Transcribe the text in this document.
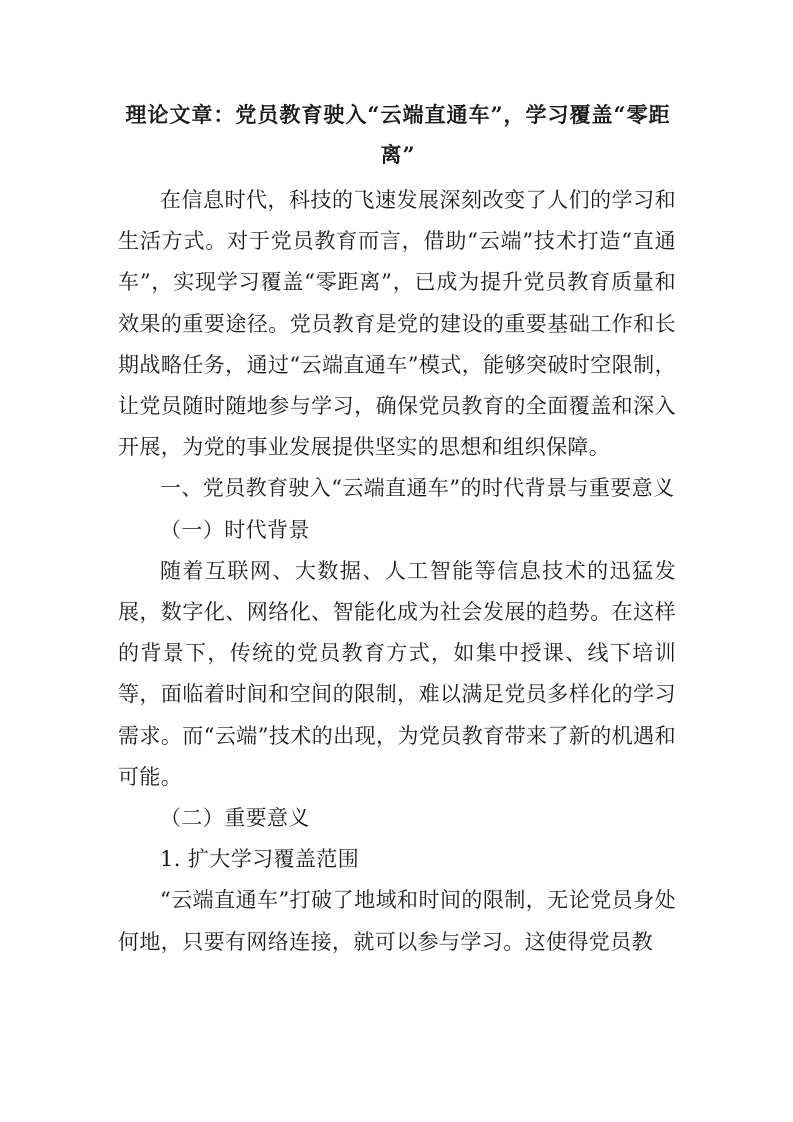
理论文章：党员教育驶入“云端直通车”，学习覆盖“零距离”

在信息时代，科技的飞速发展深刻改变了人们的学习和生活方式。对于党员教育而言，借助“云端”技术打造“直通车”，实现学习覆盖“零距离”，已成为提升党员教育质量和效果的重要途径。党员教育是党的建设的重要基础工作和长期战略任务，通过“云端直通车”模式，能够突破时空限制，让党员随时随地参与学习，确保党员教育的全面覆盖和深入开展，为党的事业发展提供坚实的思想和组织保障。

一、党员教育驶入“云端直通车”的时代背景与重要意义

（一）时代背景

随着互联网、大数据、人工智能等信息技术的迅猛发展，数字化、网络化、智能化成为社会发展的趋势。在这样的背景下，传统的党员教育方式，如集中授课、线下培训等，面临着时间和空间的限制，难以满足党员多样化的学习需求。而“云端”技术的出现，为党员教育带来了新的机遇和可能。

（二）重要意义

1. 扩大学习覆盖范围

“云端直通车”打破了地域和时间的限制，无论党员身处何地，只要有网络连接，就可以参与学习。这使得党员教
